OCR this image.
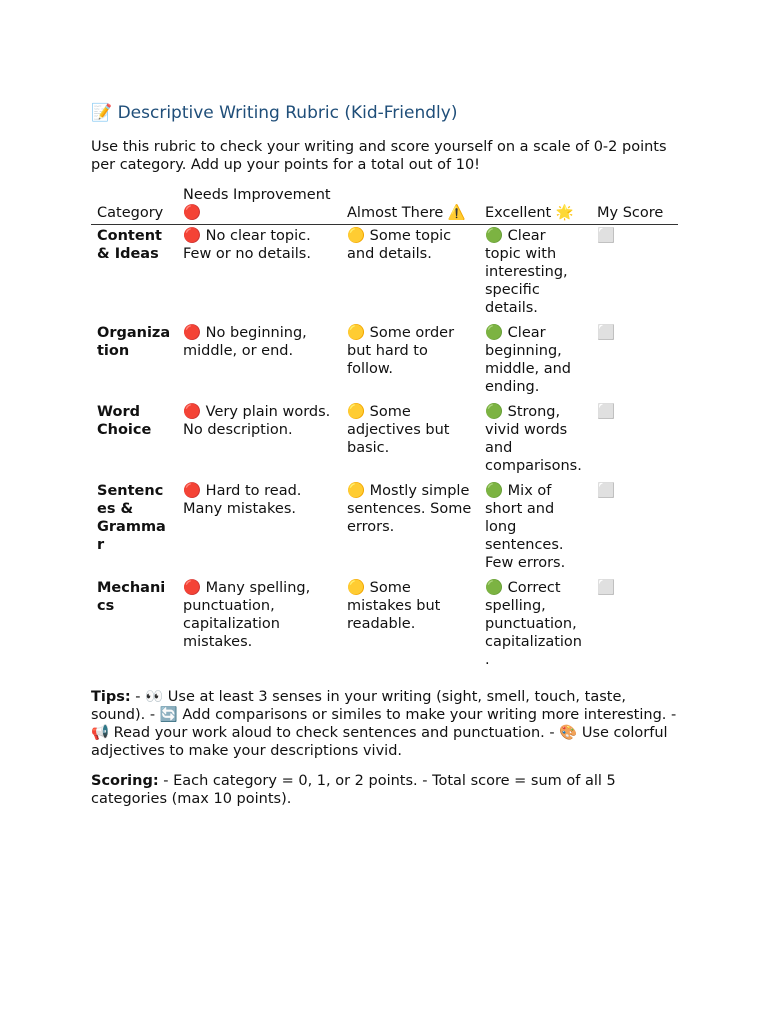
📝 Descriptive Writing Rubric (Kid-Friendly)

Use this rubric to check your writing and score yourself on a scale of 0-2 points per category. Add up your points for a total out of 10!

Category	Needs Improvement 🔴	Almost There ⚠️	Excellent 🌟	My Score
Content & Ideas	🔴 No clear topic. Few or no details.	🟡 Some topic and details.	🟢 Clear topic with interesting, specific details.	⬜
Organization	🔴 No beginning, middle, or end.	🟡 Some order but hard to follow.	🟢 Clear beginning, middle, and ending.	⬜
Word Choice	🔴 Very plain words. No description.	🟡 Some adjectives but basic.	🟢 Strong, vivid words and comparisons.	⬜
Sentences & Grammar	🔴 Hard to read. Many mistakes.	🟡 Mostly simple sentences. Some errors.	🟢 Mix of short and long sentences. Few errors.	⬜
Mechanics	🔴 Many spelling, punctuation, capitalization mistakes.	🟡 Some mistakes but readable.	🟢 Correct spelling, punctuation, capitalization.	⬜

Tips: - 👀 Use at least 3 senses in your writing (sight, smell, touch, taste, sound). - 🔄 Add comparisons or similes to make your writing more interesting. - 📢 Read your work aloud to check sentences and punctuation. - 🎨 Use colorful adjectives to make your descriptions vivid.

Scoring: - Each category = 0, 1, or 2 points. - Total score = sum of all 5 categories (max 10 points).
